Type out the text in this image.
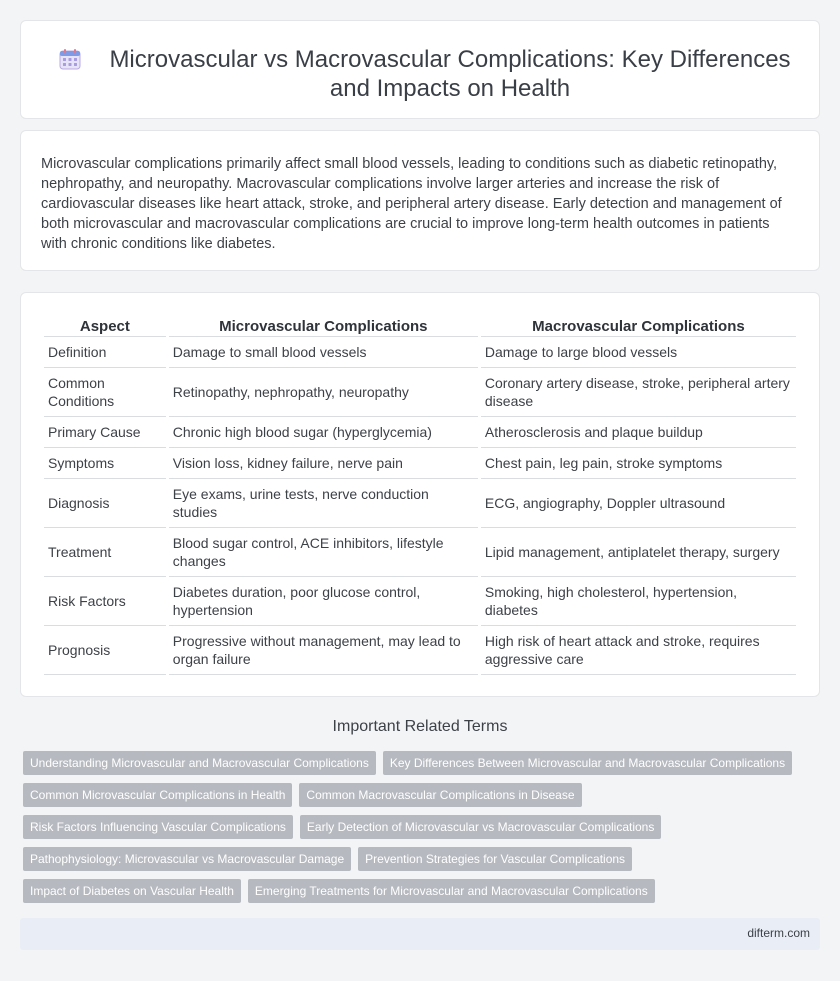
Microvascular vs Macrovascular Complications: Key Differences and Impacts on Health

Microvascular complications primarily affect small blood vessels, leading to conditions such as diabetic retinopathy, nephropathy, and neuropathy. Macrovascular complications involve larger arteries and increase the risk of cardiovascular diseases like heart attack, stroke, and peripheral artery disease. Early detection and management of both microvascular and macrovascular complications are crucial to improve long-term health outcomes in patients with chronic conditions like diabetes.

Aspect	Microvascular Complications	Macrovascular Complications
Definition	Damage to small blood vessels	Damage to large blood vessels
Common Conditions	Retinopathy, nephropathy, neuropathy	Coronary artery disease, stroke, peripheral artery disease
Primary Cause	Chronic high blood sugar (hyperglycemia)	Atherosclerosis and plaque buildup
Symptoms	Vision loss, kidney failure, nerve pain	Chest pain, leg pain, stroke symptoms
Diagnosis	Eye exams, urine tests, nerve conduction studies	ECG, angiography, Doppler ultrasound
Treatment	Blood sugar control, ACE inhibitors, lifestyle changes	Lipid management, antiplatelet therapy, surgery
Risk Factors	Diabetes duration, poor glucose control, hypertension	Smoking, high cholesterol, hypertension, diabetes
Prognosis	Progressive without management, may lead to organ failure	High risk of heart attack and stroke, requires aggressive care
Important Related Terms
Understanding Microvascular and Macrovascular Complications	Key Differences Between Microvascular and Macrovascular Complications
Common Microvascular Complications in Health	Common Macrovascular Complications in Disease
Risk Factors Influencing Vascular Complications	Early Detection of Microvascular vs Macrovascular Complications
Pathophysiology: Microvascular vs Macrovascular Damage	Prevention Strategies for Vascular Complications
Impact of Diabetes on Vascular Health	Emerging Treatments for Microvascular and Macrovascular Complications
difterm.com
